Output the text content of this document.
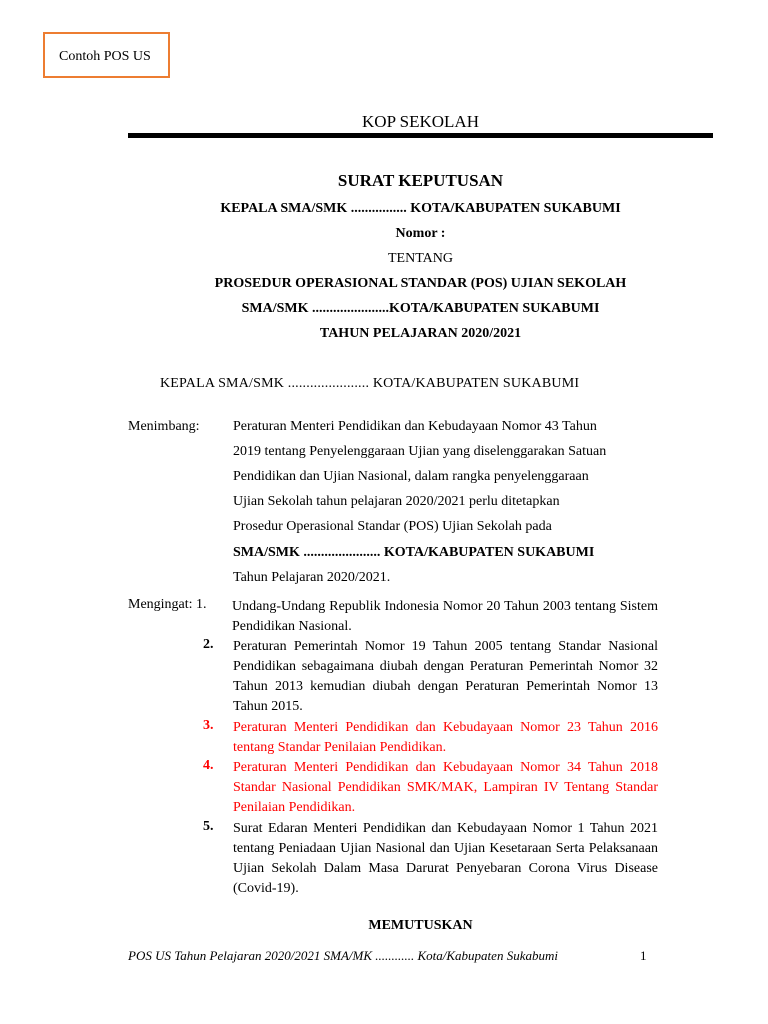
Contoh POS US
KOP SEKOLAH
SURAT KEPUTUSAN
KEPALA SMA/SMK ................ KOTA/KABUPATEN SUKABUMI
Nomor :
TENTANG
PROSEDUR OPERASIONAL STANDAR (POS) UJIAN SEKOLAH
SMA/SMK ......................KOTA/KABUPATEN SUKABUMI
TAHUN PELAJARAN 2020/2021
KEPALA SMA/SMK ...................... KOTA/KABUPATEN SUKABUMI
Menimbang: Peraturan Menteri Pendidikan dan Kebudayaan Nomor 43 Tahun
2019 tentang Penyelenggaraan Ujian yang diselenggarakan Satuan
Pendidikan dan Ujian Nasional, dalam rangka penyelenggaraan
Ujian Sekolah tahun pelajaran 2020/2021 perlu ditetapkan
Prosedur Operasional Standar (POS) Ujian Sekolah pada
SMA/SMK ...................... KOTA/KABUPATEN SUKABUMI
Tahun Pelajaran 2020/2021.
Mengingat: 1. Undang-Undang Republik Indonesia Nomor 20 Tahun 2003 tentang Sistem Pendidikan Nasional.
2. Peraturan Pemerintah Nomor 19 Tahun 2005 tentang Standar Nasional Pendidikan sebagaimana diubah dengan Peraturan Pemerintah Nomor 32 Tahun 2013 kemudian diubah dengan Peraturan Pemerintah Nomor 13 Tahun 2015.
3. Peraturan Menteri Pendidikan dan Kebudayaan Nomor 23 Tahun 2016 tentang Standar Penilaian Pendidikan.
4. Peraturan Menteri Pendidikan dan Kebudayaan Nomor 34 Tahun 2018 Standar Nasional Pendidikan SMK/MAK, Lampiran IV Tentang Standar Penilaian Pendidikan.
5. Surat Edaran Menteri Pendidikan dan Kebudayaan Nomor 1 Tahun 2021 tentang Peniadaan Ujian Nasional dan Ujian Kesetaraan Serta Pelaksanaan Ujian Sekolah Dalam Masa Darurat Penyebaran Corona Virus Disease (Covid-19).
MEMUTUSKAN
POS US Tahun Pelajaran 2020/2021 SMA/MK ............ Kota/Kabupaten Sukabumi	1
